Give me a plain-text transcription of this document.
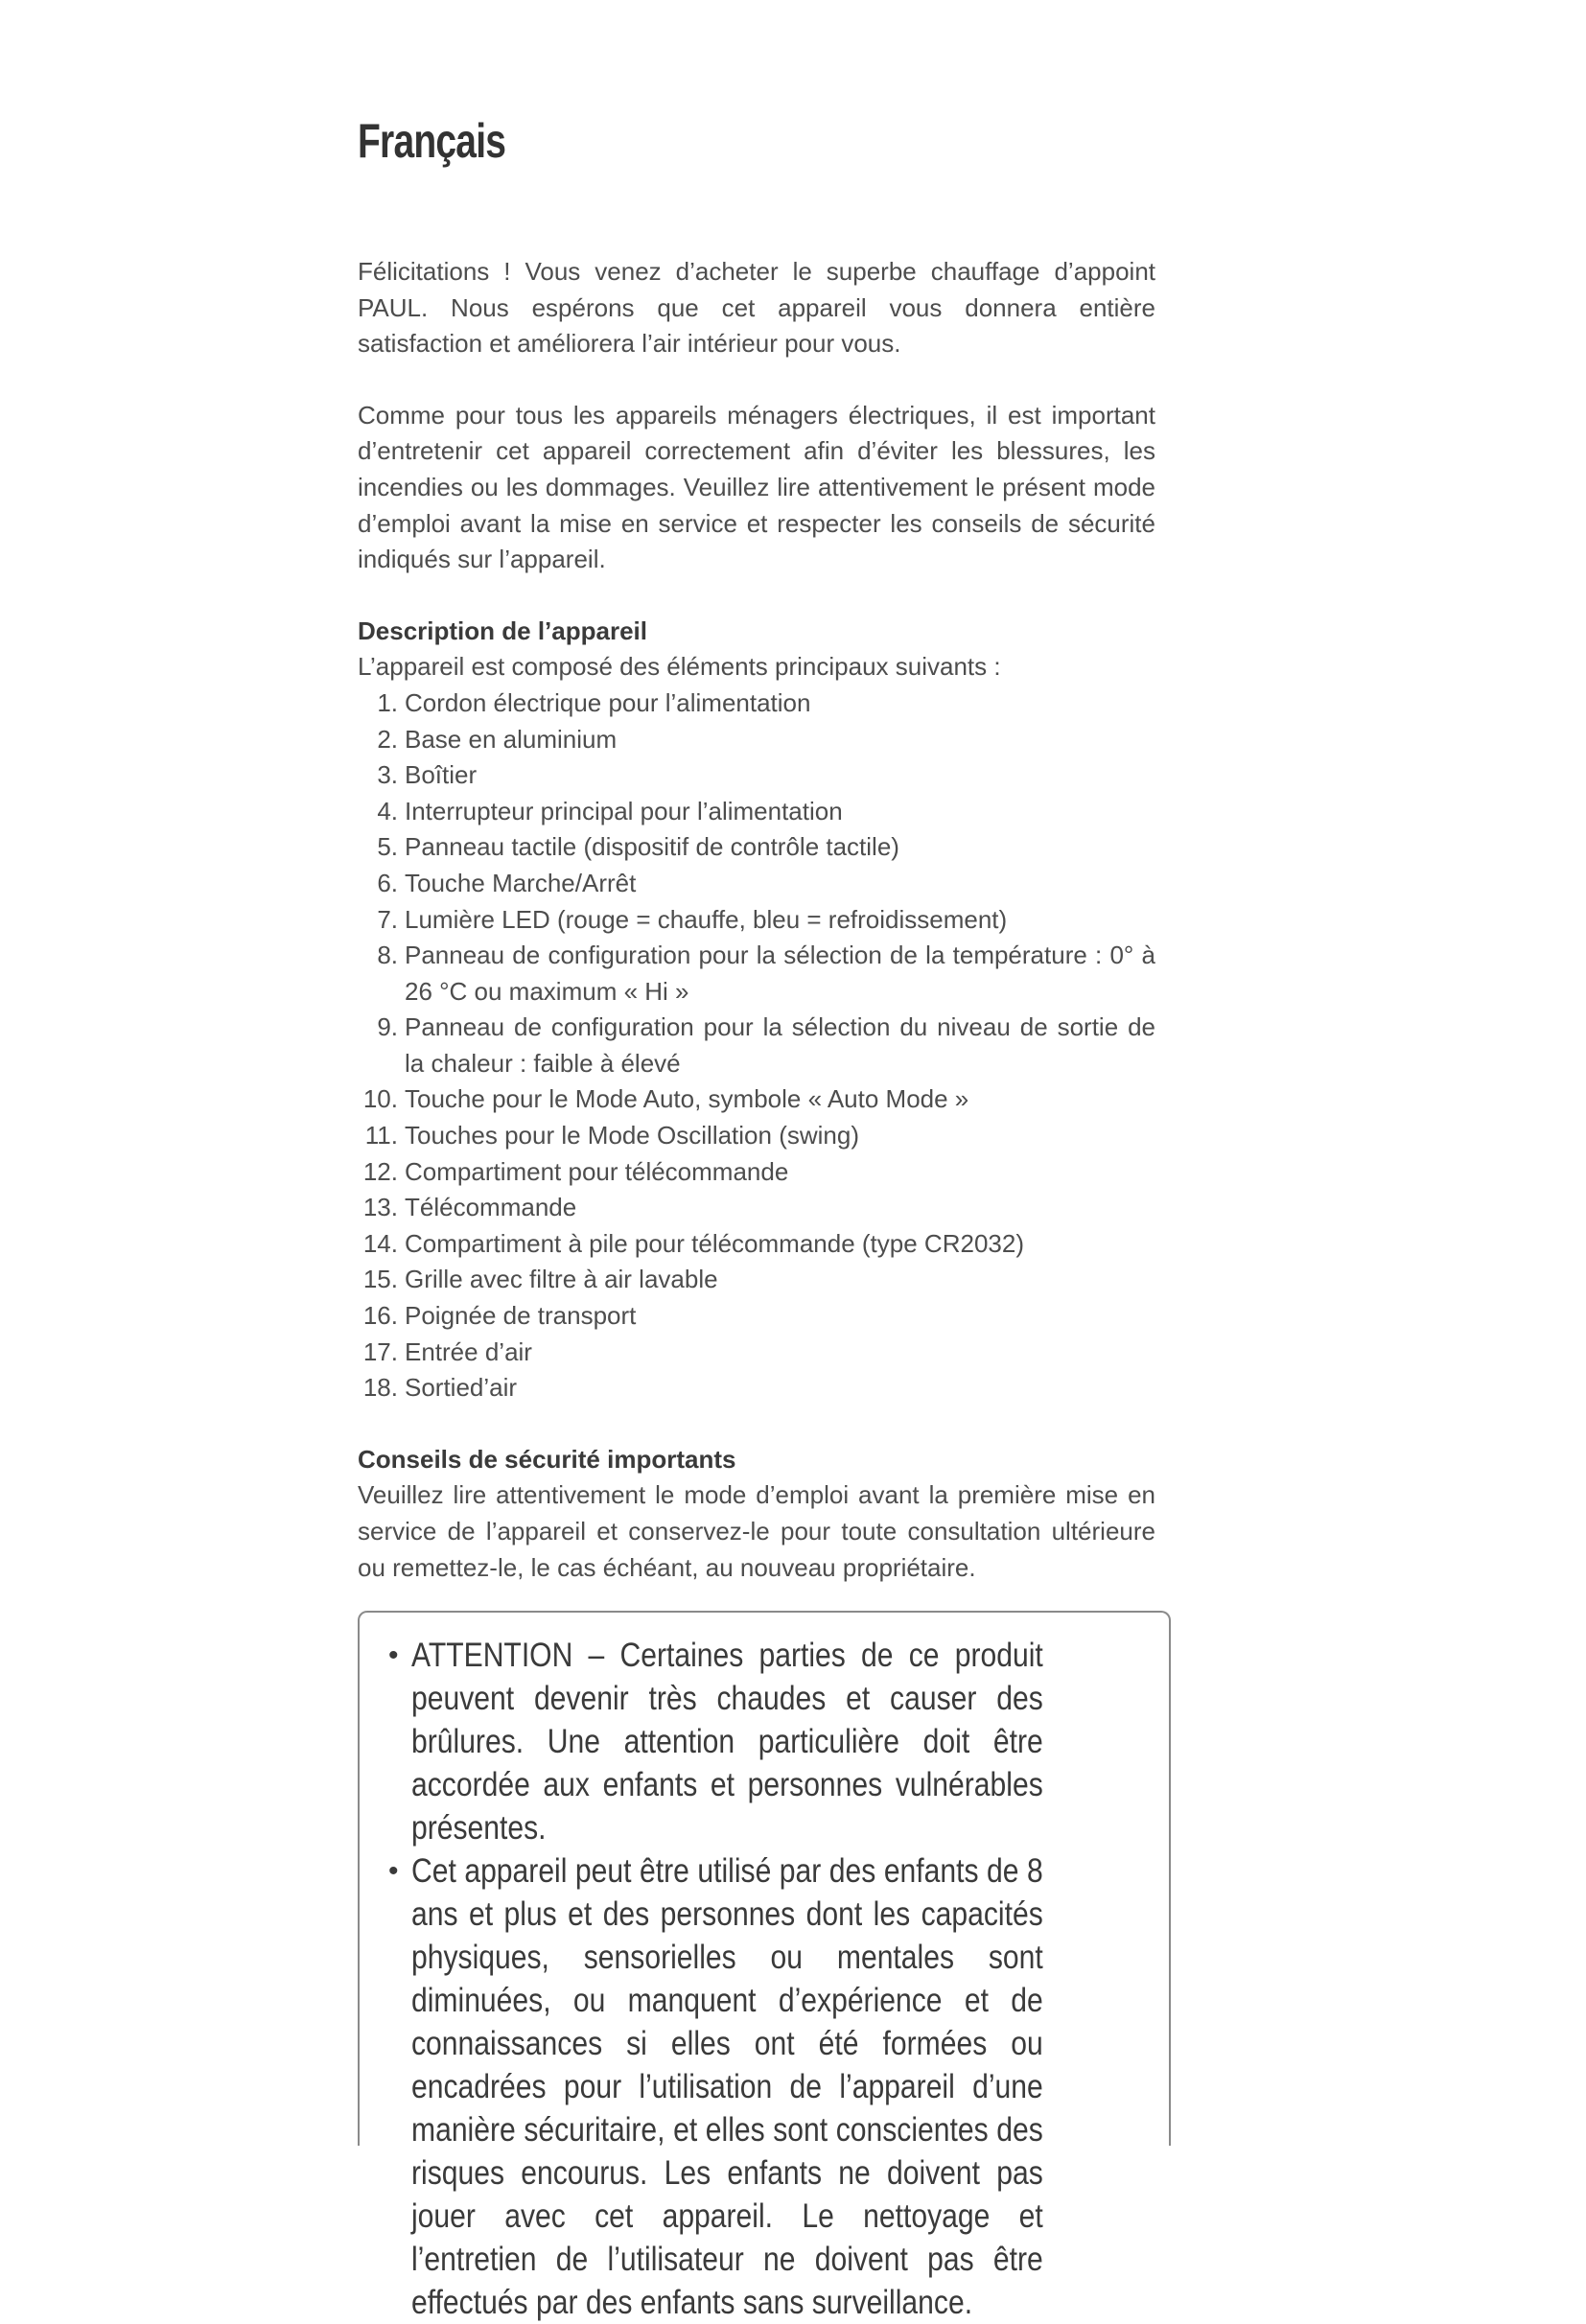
Français

Félicitations ! Vous venez d’acheter le superbe chauffage d’appoint PAUL. Nous espérons que cet appareil vous donnera entière satisfaction et améliorera l’air intérieur pour vous.

Comme pour tous les appareils ménagers électriques, il est important d’entretenir cet appareil correctement afin d’éviter les blessures, les incendies ou les dommages. Veuillez lire attentivement le présent mode d’emploi avant la mise en service et respecter les conseils de sécurité indiqués sur l’appareil.

Description de l’appareil
L’appareil est composé des éléments principaux suivants :
1. Cordon électrique pour l’alimentation
2. Base en aluminium
3. Boîtier
4. Interrupteur principal pour l’alimentation
5. Panneau tactile (dispositif de contrôle tactile)
6. Touche Marche/Arrêt
7. Lumière LED (rouge = chauffe, bleu = refroidissement)
8. Panneau de configuration pour la sélection de la température : 0° à 26 °C ou maximum « Hi »
9. Panneau de configuration pour la sélection du niveau de sortie de la chaleur : faible à élevé
10. Touche pour le Mode Auto, symbole « Auto Mode »
11. Touches pour le Mode Oscillation (swing)
12. Compartiment pour télécommande
13. Télécommande
14. Compartiment à pile pour télécommande (type CR2032)
15. Grille avec filtre à air lavable
16. Poignée de transport
17. Entrée d’air
18. Sortied’air
Conseils de sécurité importants

Veuillez lire attentivement le mode d’emploi avant la première mise en service de l’appareil et conservez-le pour toute consultation ultérieure ou remettez-le, le cas échéant, au nouveau propriétaire.

• ATTENTION – Certaines parties de ce produit peuvent devenir très chaudes et causer des brûlures. Une attention particulière doit être accordée aux enfants et personnes vulnérables présentes.
• Cet appareil peut être utilisé par des enfants de 8 ans et plus et des personnes dont les capacités physiques, sensorielles ou mentales sont diminuées, ou manquent d’expérience et de connaissances si elles ont été formées ou encadrées pour l’utilisation de l’appareil d’une manière sécuritaire, et elles sont conscientes des risques encourus. Les enfants ne doivent pas jouer avec cet appareil. Le nettoyage et l’entretien de l’utilisateur ne doivent pas être effectués par des enfants sans surveillance.
